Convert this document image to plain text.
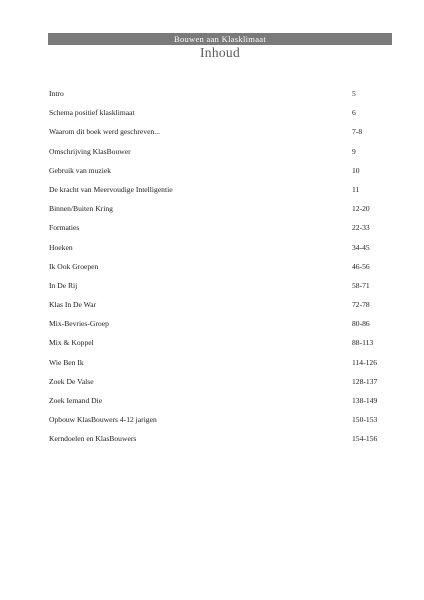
Bouwen aan Klasklimaat
Inhoud
Intro	5
Schema positief klasklimaat	6
Waarom dit boek werd geschreven...	7-8
Omschrijving KlasBouwer	9
Gebruik van muziek	10
De kracht van Meervoudige Intelligentie	11
Binnen/Buiten Kring	12-20
Formaties	22-33
Hoeken	34-45
Ik Ook Groepen	46-56
In De Rij	58-71
Klas In De War	72-78
Mix-Bevries-Groep	80-86
Mix & Koppel	88-113
Wie Ben Ik	114-126
Zoek De Valse	128-137
Zoek Iemand Die	138-149
Opbouw KlasBouwers 4-12 jarigen	150-153
Kerndoelen en KlasBouwers	154-156
